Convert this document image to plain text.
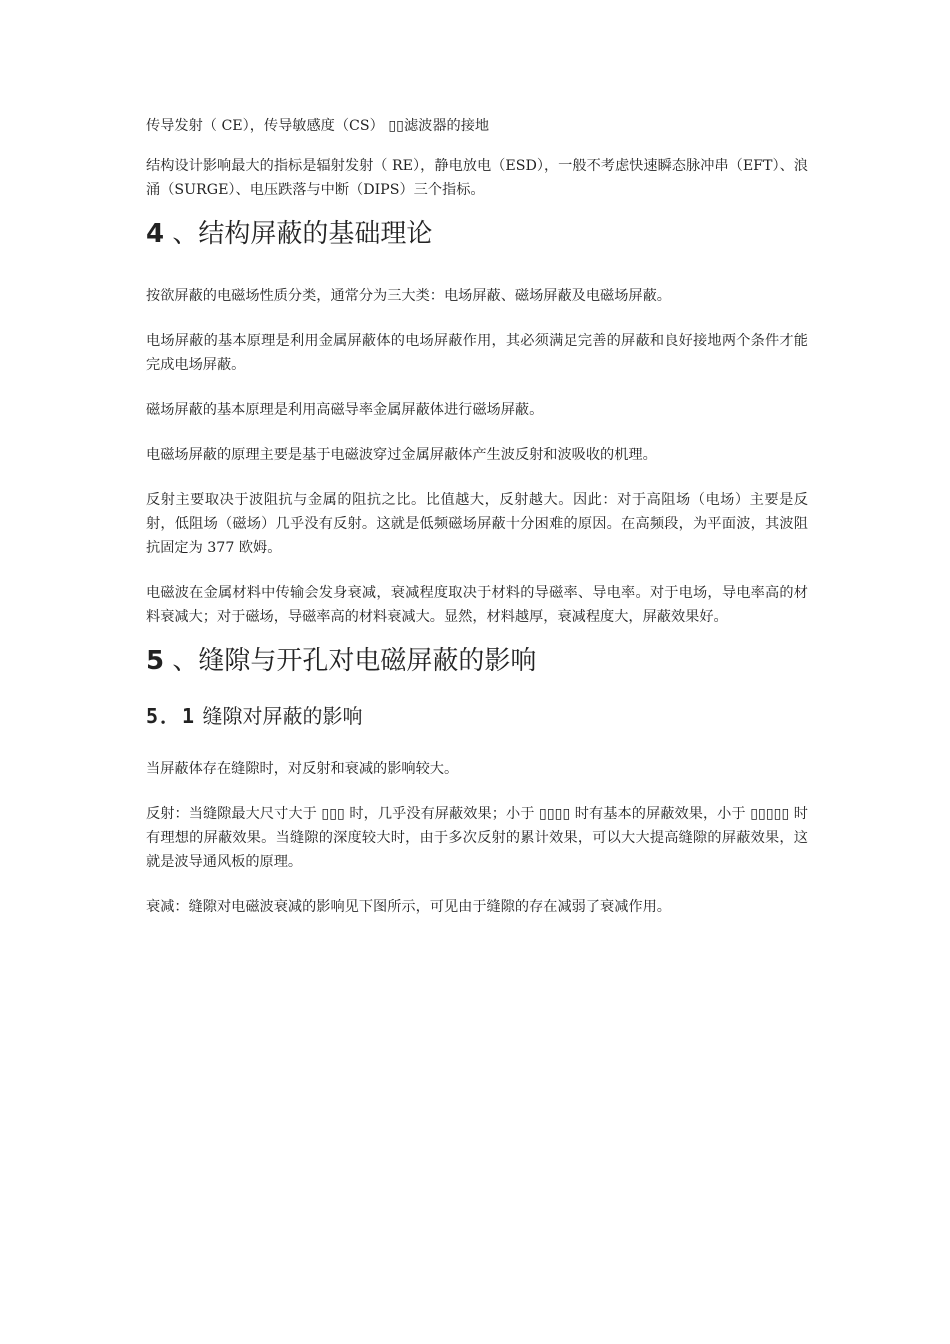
传导发射（ CE），传导敏感度（CS） ▯▯滤波器的接地

结构设计影响最大的指标是辐射发射（ RE），静电放电（ESD），一般不考虑快速瞬态脉冲串（EFT）、浪涌（SURGE）、电压跌落与中断（DIPS）三个指标。

4 、结构屏蔽的基础理论

按欲屏蔽的电磁场性质分类，通常分为三大类：电场屏蔽、磁场屏蔽及电磁场屏蔽。

电场屏蔽的基本原理是利用金属屏蔽体的电场屏蔽作用，其必须满足完善的屏蔽和良好接地两个条件才能完成电场屏蔽。

磁场屏蔽的基本原理是利用高磁导率金属屏蔽体进行磁场屏蔽。

电磁场屏蔽的原理主要是基于电磁波穿过金属屏蔽体产生波反射和波吸收的机理。

反射主要取决于波阻抗与金属的阻抗之比。比值越大，反射越大。因此：对于高阻场（电场）主要是反射，低阻场（磁场）几乎没有反射。这就是低频磁场屏蔽十分困难的原因。在高频段，为平面波，其波阻抗固定为 377 欧姆。

电磁波在金属材料中传输会发身衰减，衰减程度取决于材料的导磁率、导电率。对于电场，导电率高的材料衰减大；对于磁场，导磁率高的材料衰减大。显然，材料越厚，衰减程度大，屏蔽效果好。

5 、缝隙与开孔对电磁屏蔽的影响
5．1 缝隙对屏蔽的影响

当屏蔽体存在缝隙时，对反射和衰减的影响较大。

反射：当缝隙最大尺寸大于 ▯▯▯ 时，几乎没有屏蔽效果；小于 ▯▯▯▯ 时有基本的屏蔽效果，小于 ▯▯▯▯▯ 时有理想的屏蔽效果。当缝隙的深度较大时，由于多次反射的累计效果，可以大大提高缝隙的屏蔽效果，这就是波导通风板的原理。

衰减：缝隙对电磁波衰减的影响见下图所示，可见由于缝隙的存在减弱了衰减作用。
